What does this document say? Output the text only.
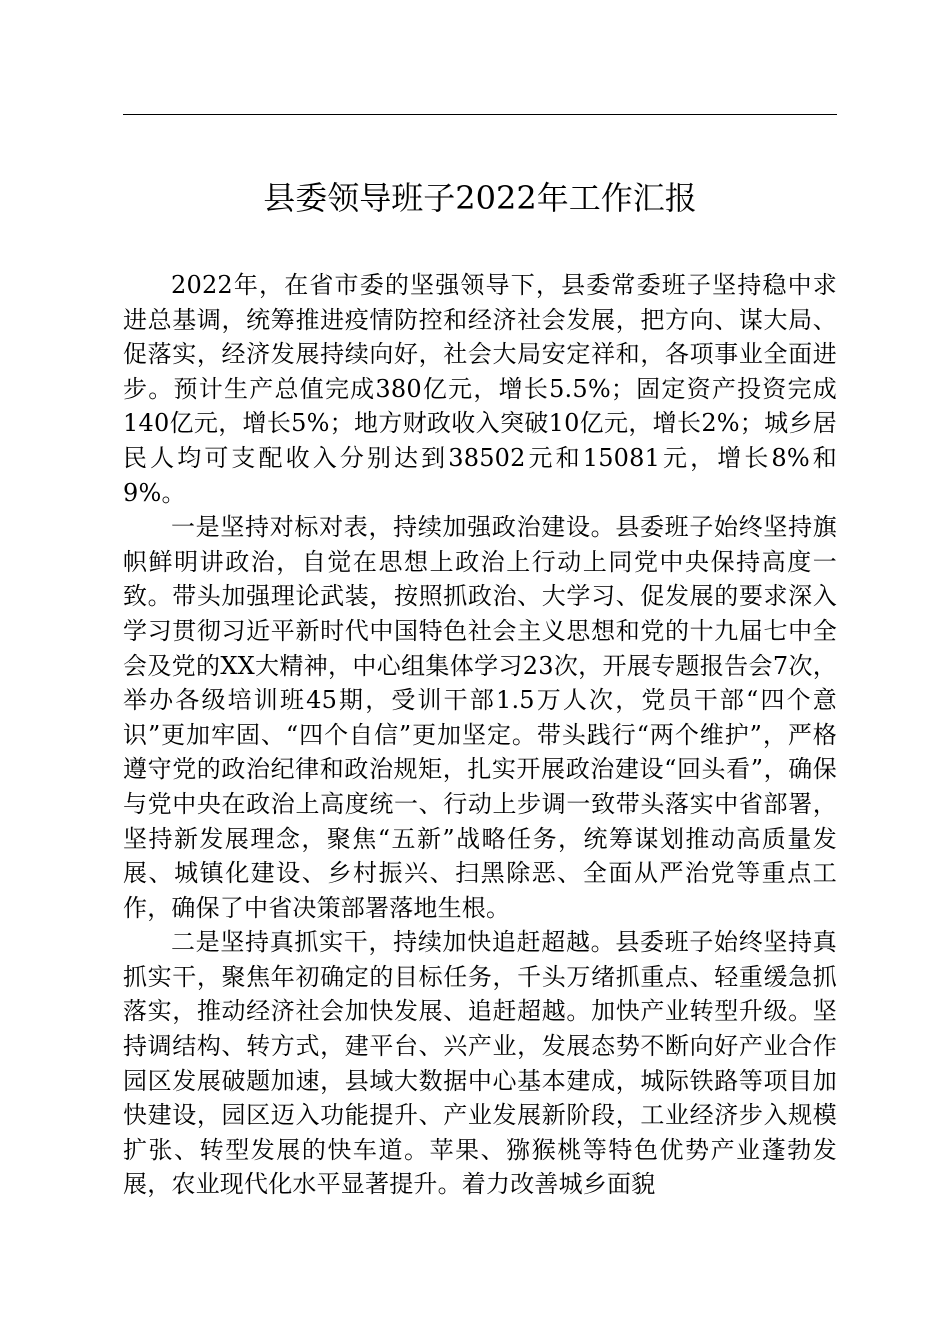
县委领导班子2022年工作汇报

2022年，在省市委的坚强领导下，县委常委班子坚持稳中求进总基调，统筹推进疫情防控和经济社会发展，把方向、谋大局、促落实，经济发展持续向好，社会大局安定祥和，各项事业全面进步。预计生产总值完成380亿元，增长5.5%；固定资产投资完成140亿元，增长5%；地方财政收入突破10亿元，增长2%；城乡居民人均可支配收入分别达到38502元和15081元，增长8%和9%。

一是坚持对标对表，持续加强政治建设。县委班子始终坚持旗帜鲜明讲政治，自觉在思想上政治上行动上同党中央保持高度一致。带头加强理论武装，按照抓政治、大学习、促发展的要求深入学习贯彻习近平新时代中国特色社会主义思想和党的十九届七中全会及党的XX大精神，中心组集体学习23次，开展专题报告会7次，举办各级培训班45期，受训干部1.5万人次，党员干部“四个意识”更加牢固、“四个自信”更加坚定。带头践行“两个维护”，严格遵守党的政治纪律和政治规矩，扎实开展政治建设“回头看”，确保与党中央在政治上高度统一、行动上步调一致带头落实中省部署，坚持新发展理念，聚焦“五新”战略任务，统筹谋划推动高质量发展、城镇化建设、乡村振兴、扫黑除恶、全面从严治党等重点工作，确保了中省决策部署落地生根。

二是坚持真抓实干，持续加快追赶超越。县委班子始终坚持真抓实干，聚焦年初确定的目标任务，千头万绪抓重点、轻重缓急抓落实，推动经济社会加快发展、追赶超越。加快产业转型升级。坚持调结构、转方式，建平台、兴产业，发展态势不断向好产业合作园区发展破题加速，县域大数据中心基本建成，城际铁路等项目加快建设，园区迈入功能提升、产业发展新阶段，工业经济步入规模扩张、转型发展的快车道。苹果、猕猴桃等特色优势产业蓬勃发展，农业现代化水平显著提升。着力改善城乡面貌
